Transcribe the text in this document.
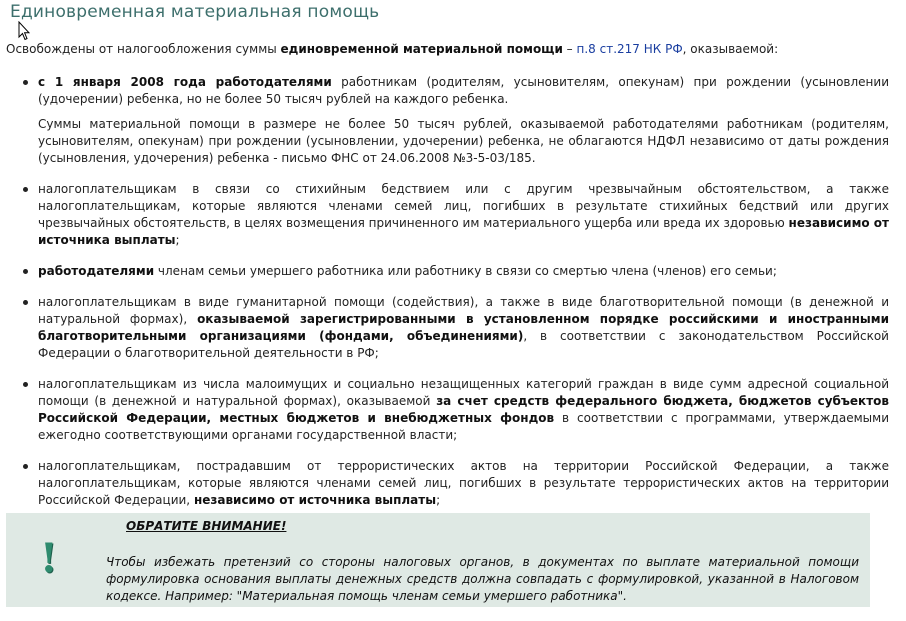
Единовременная материальная помощь
Освобождены от налогообложения суммы единовременной материальной помощи – п.8 ст.217 НК РФ, оказываемой:

с 1 января 2008 года работодателями работникам (родителям, усыновителям, опекунам) при рождении (усыновлении (удочерении) ребенка, но не более 50 тысяч рублей на каждого ребенка.

Суммы материальной помощи в размере не более 50 тысяч рублей, оказываемой работодателями работникам (родителям, усыновителям, опекунам) при рождении (усыновлении, удочерении) ребенка, не облагаются НДФЛ независимо от даты рождения (усыновления, удочерения) ребенка - письмо ФНС от 24.06.2008 №3-5-03/185.

налогоплательщикам в связи со стихийным бедствием или с другим чрезвычайным обстоятельством, а также налогоплательщикам, которые являются членами семей лиц, погибших в результате стихийных бедствий или других чрезвычайных обстоятельств, в целях возмещения причиненного им материального ущерба или вреда их здоровью независимо от источника выплаты;

работодателями членам семьи умершего работника или работнику в связи со смертью члена (членов) его семьи;

налогоплательщикам в виде гуманитарной помощи (содействия), а также в виде благотворительной помощи (в денежной и натуральной формах), оказываемой зарегистрированными в установленном порядке российскими и иностранными благотворительными организациями (фондами, объединениями), в соответствии с законодательством Российской Федерации о благотворительной деятельности в РФ;

налогоплательщикам из числа малоимущих и социально незащищенных категорий граждан в виде сумм адресной социальной помощи (в денежной и натуральной формах), оказываемой за счет средств федерального бюджета, бюджетов субъектов Российской Федерации, местных бюджетов и внебюджетных фондов в соответствии с программами, утверждаемыми ежегодно соответствующими органами государственной власти;

налогоплательщикам, пострадавшим от террористических актов на территории Российской Федерации, а также налогоплательщикам, которые являются членами семей лиц, погибших в результате террористических актов на территории Российской Федерации, независимо от источника выплаты;

!
ОБРАТИТЕ ВНИМАНИЕ!
Чтобы избежать претензий со стороны налоговых органов, в документах по выплате материальной помощи формулировка основания выплаты денежных средств должна совпадать с формулировкой, указанной в Налоговом кодексе. Например: "Материальная помощь членам семьи умершего работника".
